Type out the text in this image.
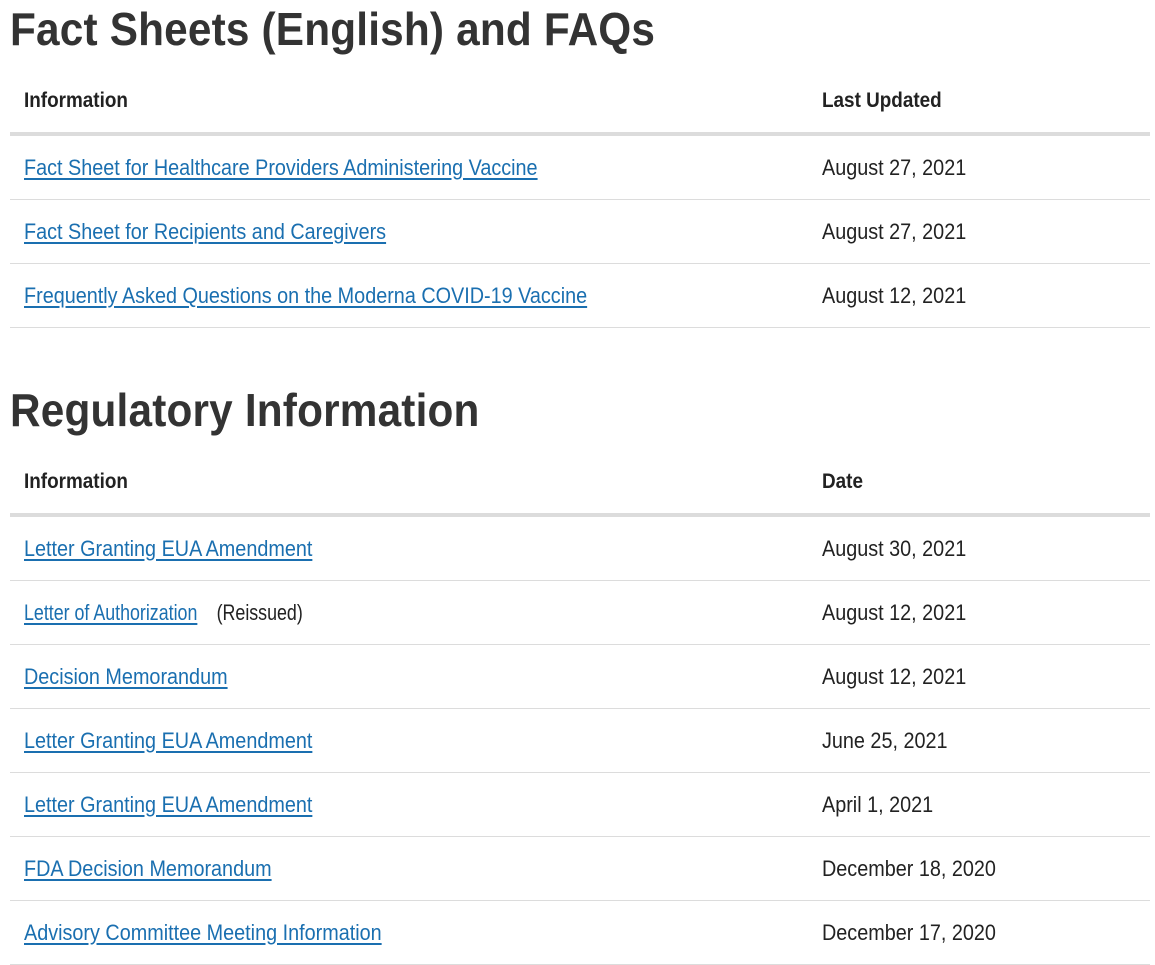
Fact Sheets (English) and FAQs
Information	Last Updated
Fact Sheet for Healthcare Providers Administering Vaccine	August 27, 2021
Fact Sheet for Recipients and Caregivers	August 27, 2021
Frequently Asked Questions on the Moderna COVID-19 Vaccine	August 12, 2021
Regulatory Information
Information	Date
Letter Granting EUA Amendment	August 30, 2021
Letter of Authorization(Reissued)	August 12, 2021
Decision Memorandum	August 12, 2021
Letter Granting EUA Amendment	June 25, 2021
Letter Granting EUA Amendment	April 1, 2021
FDA Decision Memorandum	December 18, 2020
Advisory Committee Meeting Information	December 17, 2020
